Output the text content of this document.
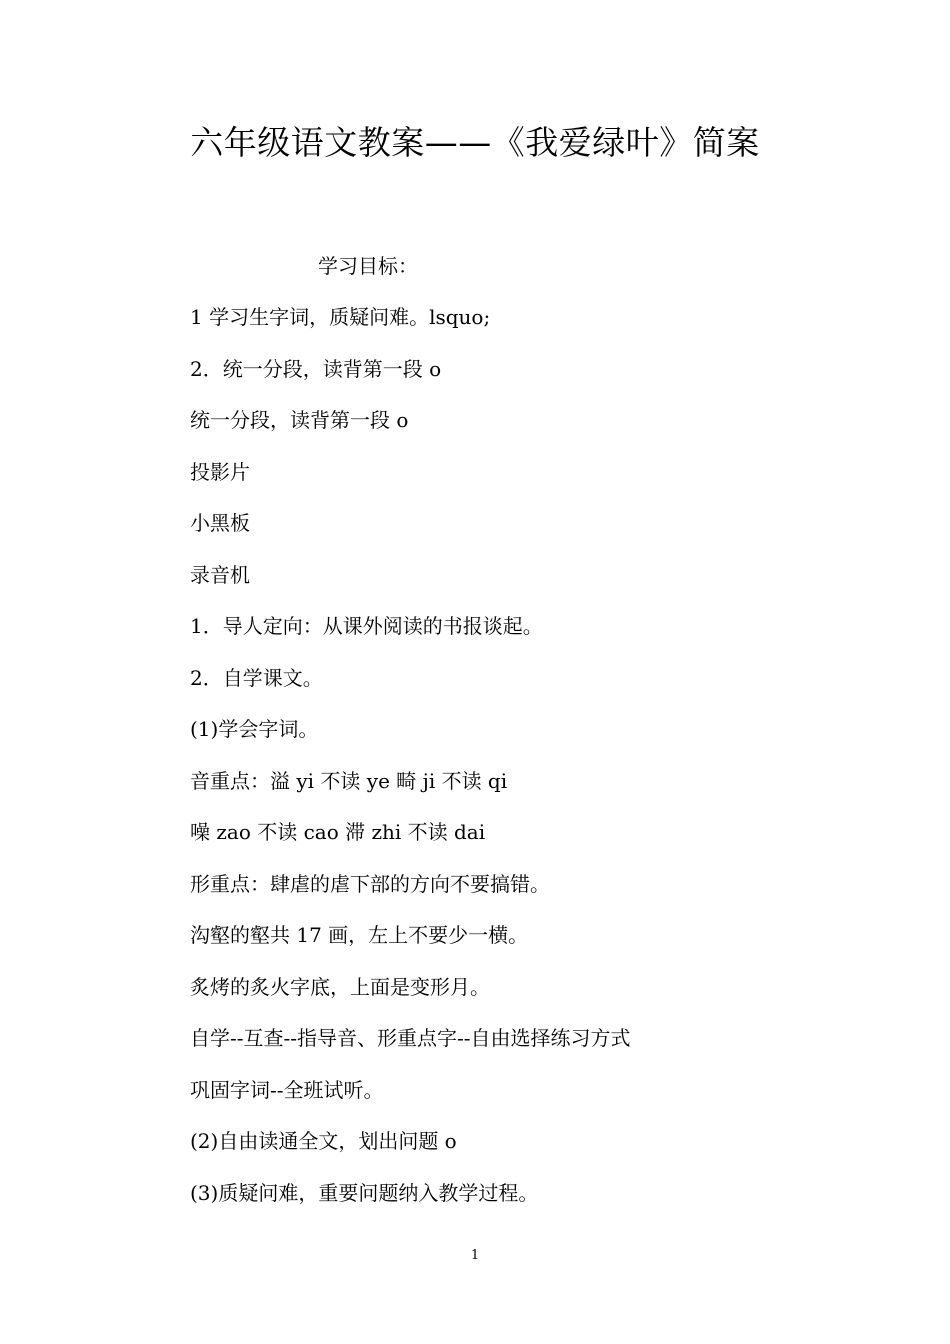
六年级语文教案——《我爱绿叶》简案
学习目标：
1 学习生字词，质疑问难。lsquo;
2．统一分段，读背第一段 o
统一分段，读背第一段 o
投影片
小黑板
录音机
1．导人定向：从课外阅读的书报谈起。
2．自学课文。
(1)学会字词。
音重点：溢 yi 不读 ye 畸 ji 不读 qi
噪 zao 不读 cao 滞 zhi 不读 dai
形重点：肆虐的虐下部的方向不要搞错。
沟壑的壑共 17 画，左上不要少一横。
炙烤的炙火字底，上面是变形月。
自学--互查--指导音、形重点字--自由选择练习方式
巩固字词--全班试听。
(2)自由读通全文，划出问题 o
(3)质疑问难，重要问题纳入教学过程。
1
